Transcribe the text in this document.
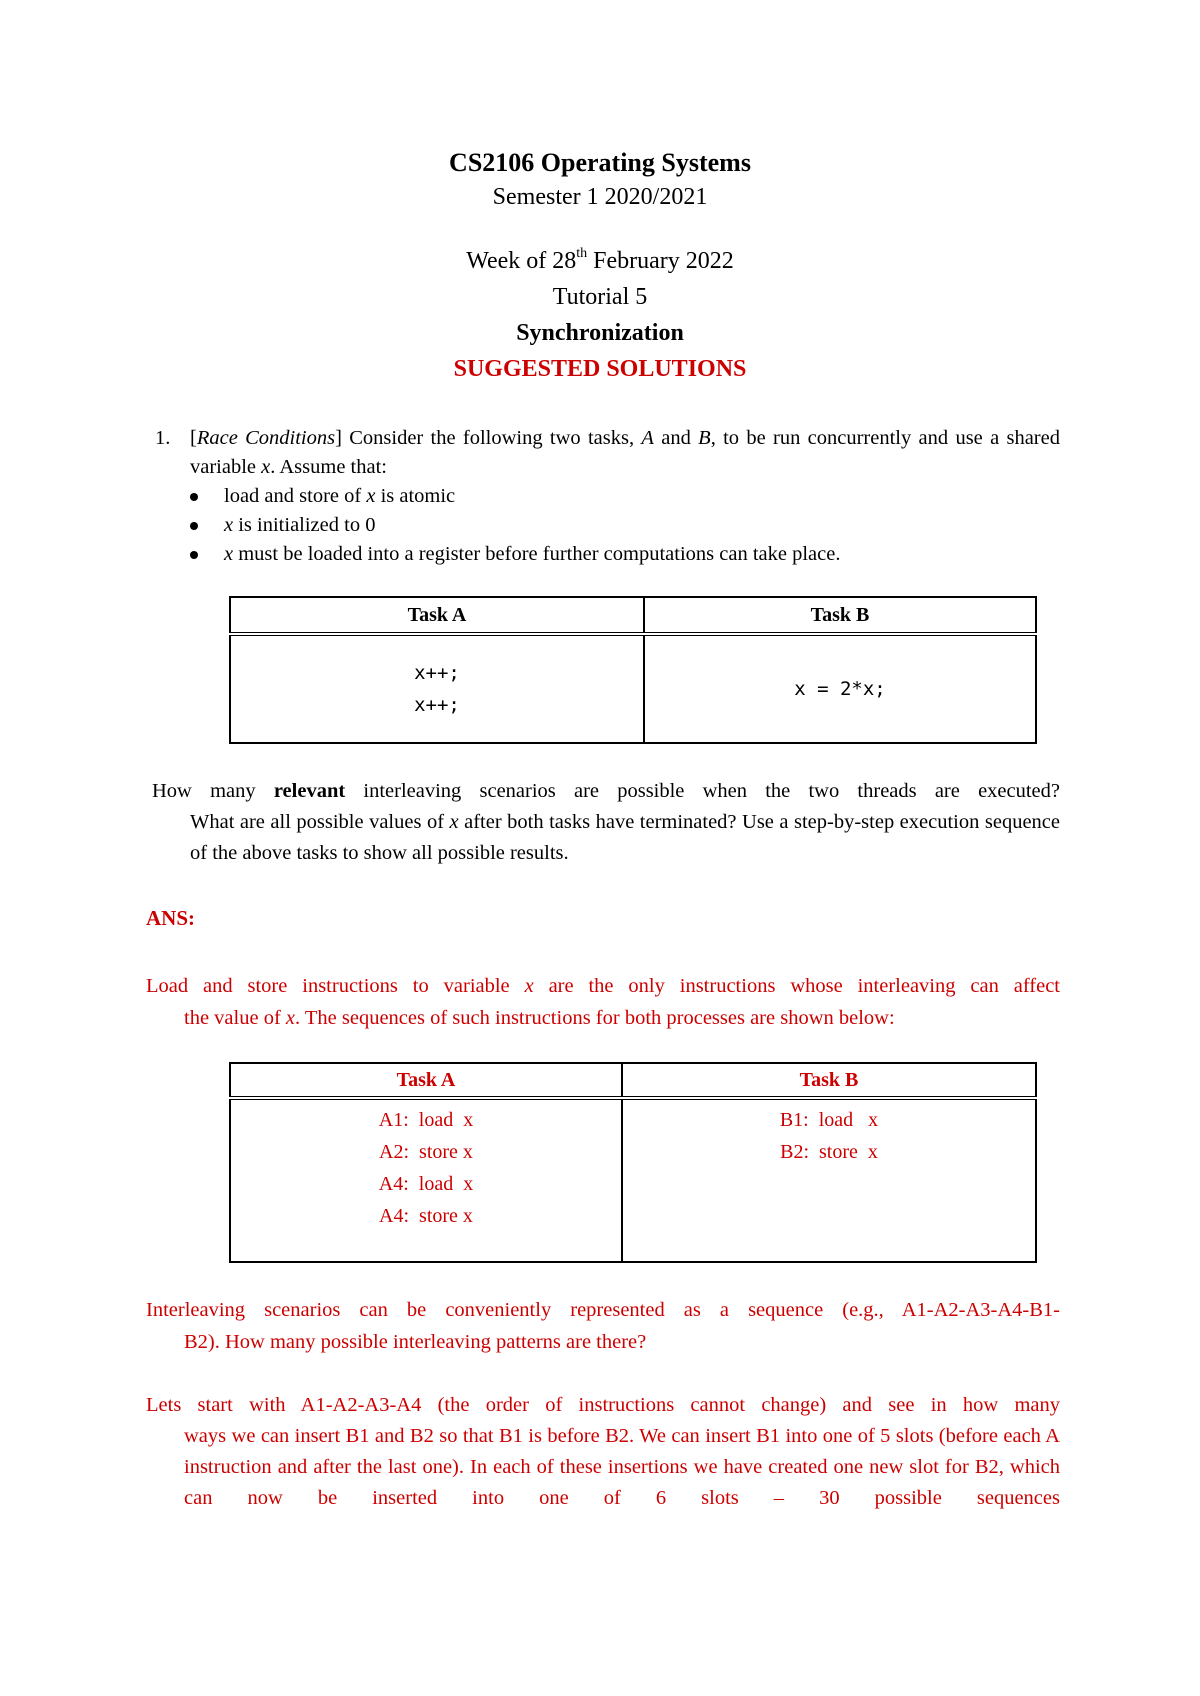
CS2106 Operating Systems
Semester 1 2020/2021
Week of 28th February 2022
Tutorial 5
Synchronization
SUGGESTED SOLUTIONS
1. [Race Conditions] Consider the following two tasks, A and B, to be run concurrently and use a shared variable x. Assume that:
load and store of x is atomic
x is initialized to 0
x must be loaded into a register before further computations can take place.
Task A	Task B

x++;
x++;	x = 2*x;
How many relevant interleaving scenarios are possible when the two threads are executed?
What are all possible values of x after both tasks have terminated? Use a step-by-step execution sequence of the above tasks to show all possible results.
ANS:
Load and store instructions to variable x are the only instructions whose interleaving can affect
the value of x. The sequences of such instructions for both processes are shown below:
Task A	Task B

A1:  load  x
A2:  store x
A4:  load  x
A4:  store x	B1:  load   x
B2:  store  x
Interleaving scenarios can be conveniently represented as a sequence (e.g., A1-A2-A3-A4-B1-
B2). How many possible interleaving patterns are there?
Lets start with A1-A2-A3-A4 (the order of instructions cannot change) and see in how many
ways we can insert B1 and B2 so that B1 is before B2. We can insert B1 into one of 5 slots (before each A instruction and after the last one). In each of these insertions we have created one new slot for B2, which can now be inserted into one of 6 slots – 30 possible sequences
